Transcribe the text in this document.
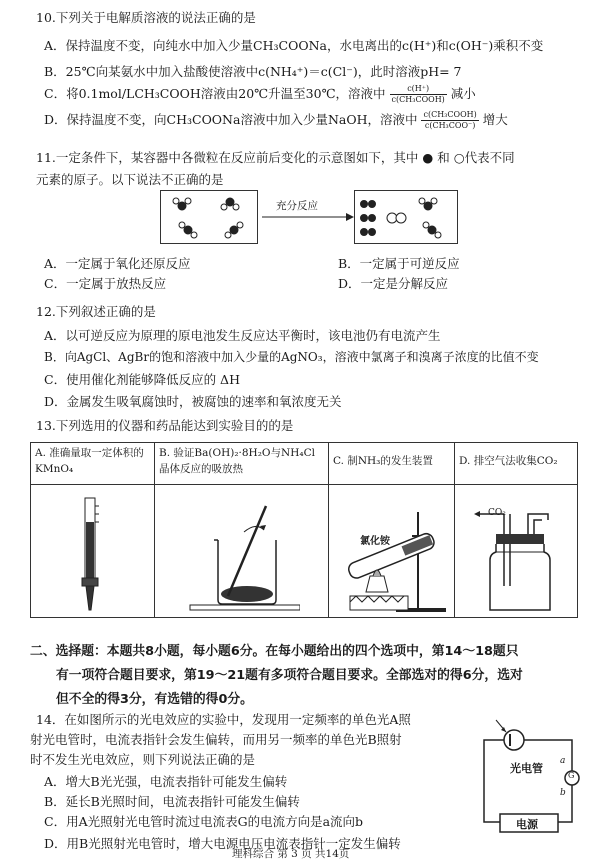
10.下列关于电解质溶液的说法正确的是
A．保持温度不变，向纯水中加入少量CH₃COONa，水电离出的c(H⁺)和c(OH⁻)乘积不变
B．25℃向某氨水中加入盐酸使溶液中c(NH₄⁺)＝c(Cl⁻)，此时溶液pH= 7
C．将0.1mol/LCH₃COOH溶液由20℃升温至30℃，溶液中 $\frac{c(H^+)}{\text{c(CH₃COOH)}}$ 减小
D．保持温度不变，向CH₃COONa溶液中加入少量NaOH，溶液中 $\frac{\text{c(CH₃COOH)}}{\text{c(CH₃COO⁻)}}$ 增大
11.一定条件下，某容器中各微粒在反应前后变化的示意图如下，其中 ● 和 ○代表不同
元素的原子。以下说法不正确的是
充分反应
A．一定属于氧化还原反应	B．一定属于可逆反应
C．一定属于放热反应	D．一定是分解反应
12.下列叙述正确的是
A．以可逆反应为原理的原电池发生反应达平衡时，该电池仍有电流产生
B．向AgCl、AgBr的饱和溶液中加入少量的AgNO₃，溶液中氯离子和溴离子浓度的比值不变
C．使用催化剂能够降低反应的 ΔH
D．金属发生吸氧腐蚀时，被腐蚀的速率和氧浓度无关
13.下列选用的仪器和药品能达到实验目的的是
A. 准确量取一定体积的 KMnO₄
B. 验证Ba(OH)₂·8H₂O与NH₄Cl晶体反应的吸放热
C. 制NH₃的发生装置	D. 排空气法收集CO₂
氯化铵
CO₂
二、选择题：本题共8小题，每小题6分。在每小题给出的四个选项中，第14～18题只
有一项符合题目要求，第19～21题有多项符合题目要求。全部选对的得6分，选对
但不全的得3分，有选错的得0分。
14．在如图所示的光电效应的实验中，发现用一定频率的单色光A照
射光电管时，电流表指针会发生偏转，而用另一频率的单色光B照射
时不发生光电效应，则下列说法正确的是
A．增大B光光强，电流表指针可能发生偏转
B．延长B光照时间，电流表指针可能发生偏转
C．用A光照射光电管时流过电流表G的电流方向是a流向b
D．用B光照射光电管时，增大电源电压电流表指针一定发生偏转
光电管
G
a
b
电源
理科综合 第 3 页 共14页
